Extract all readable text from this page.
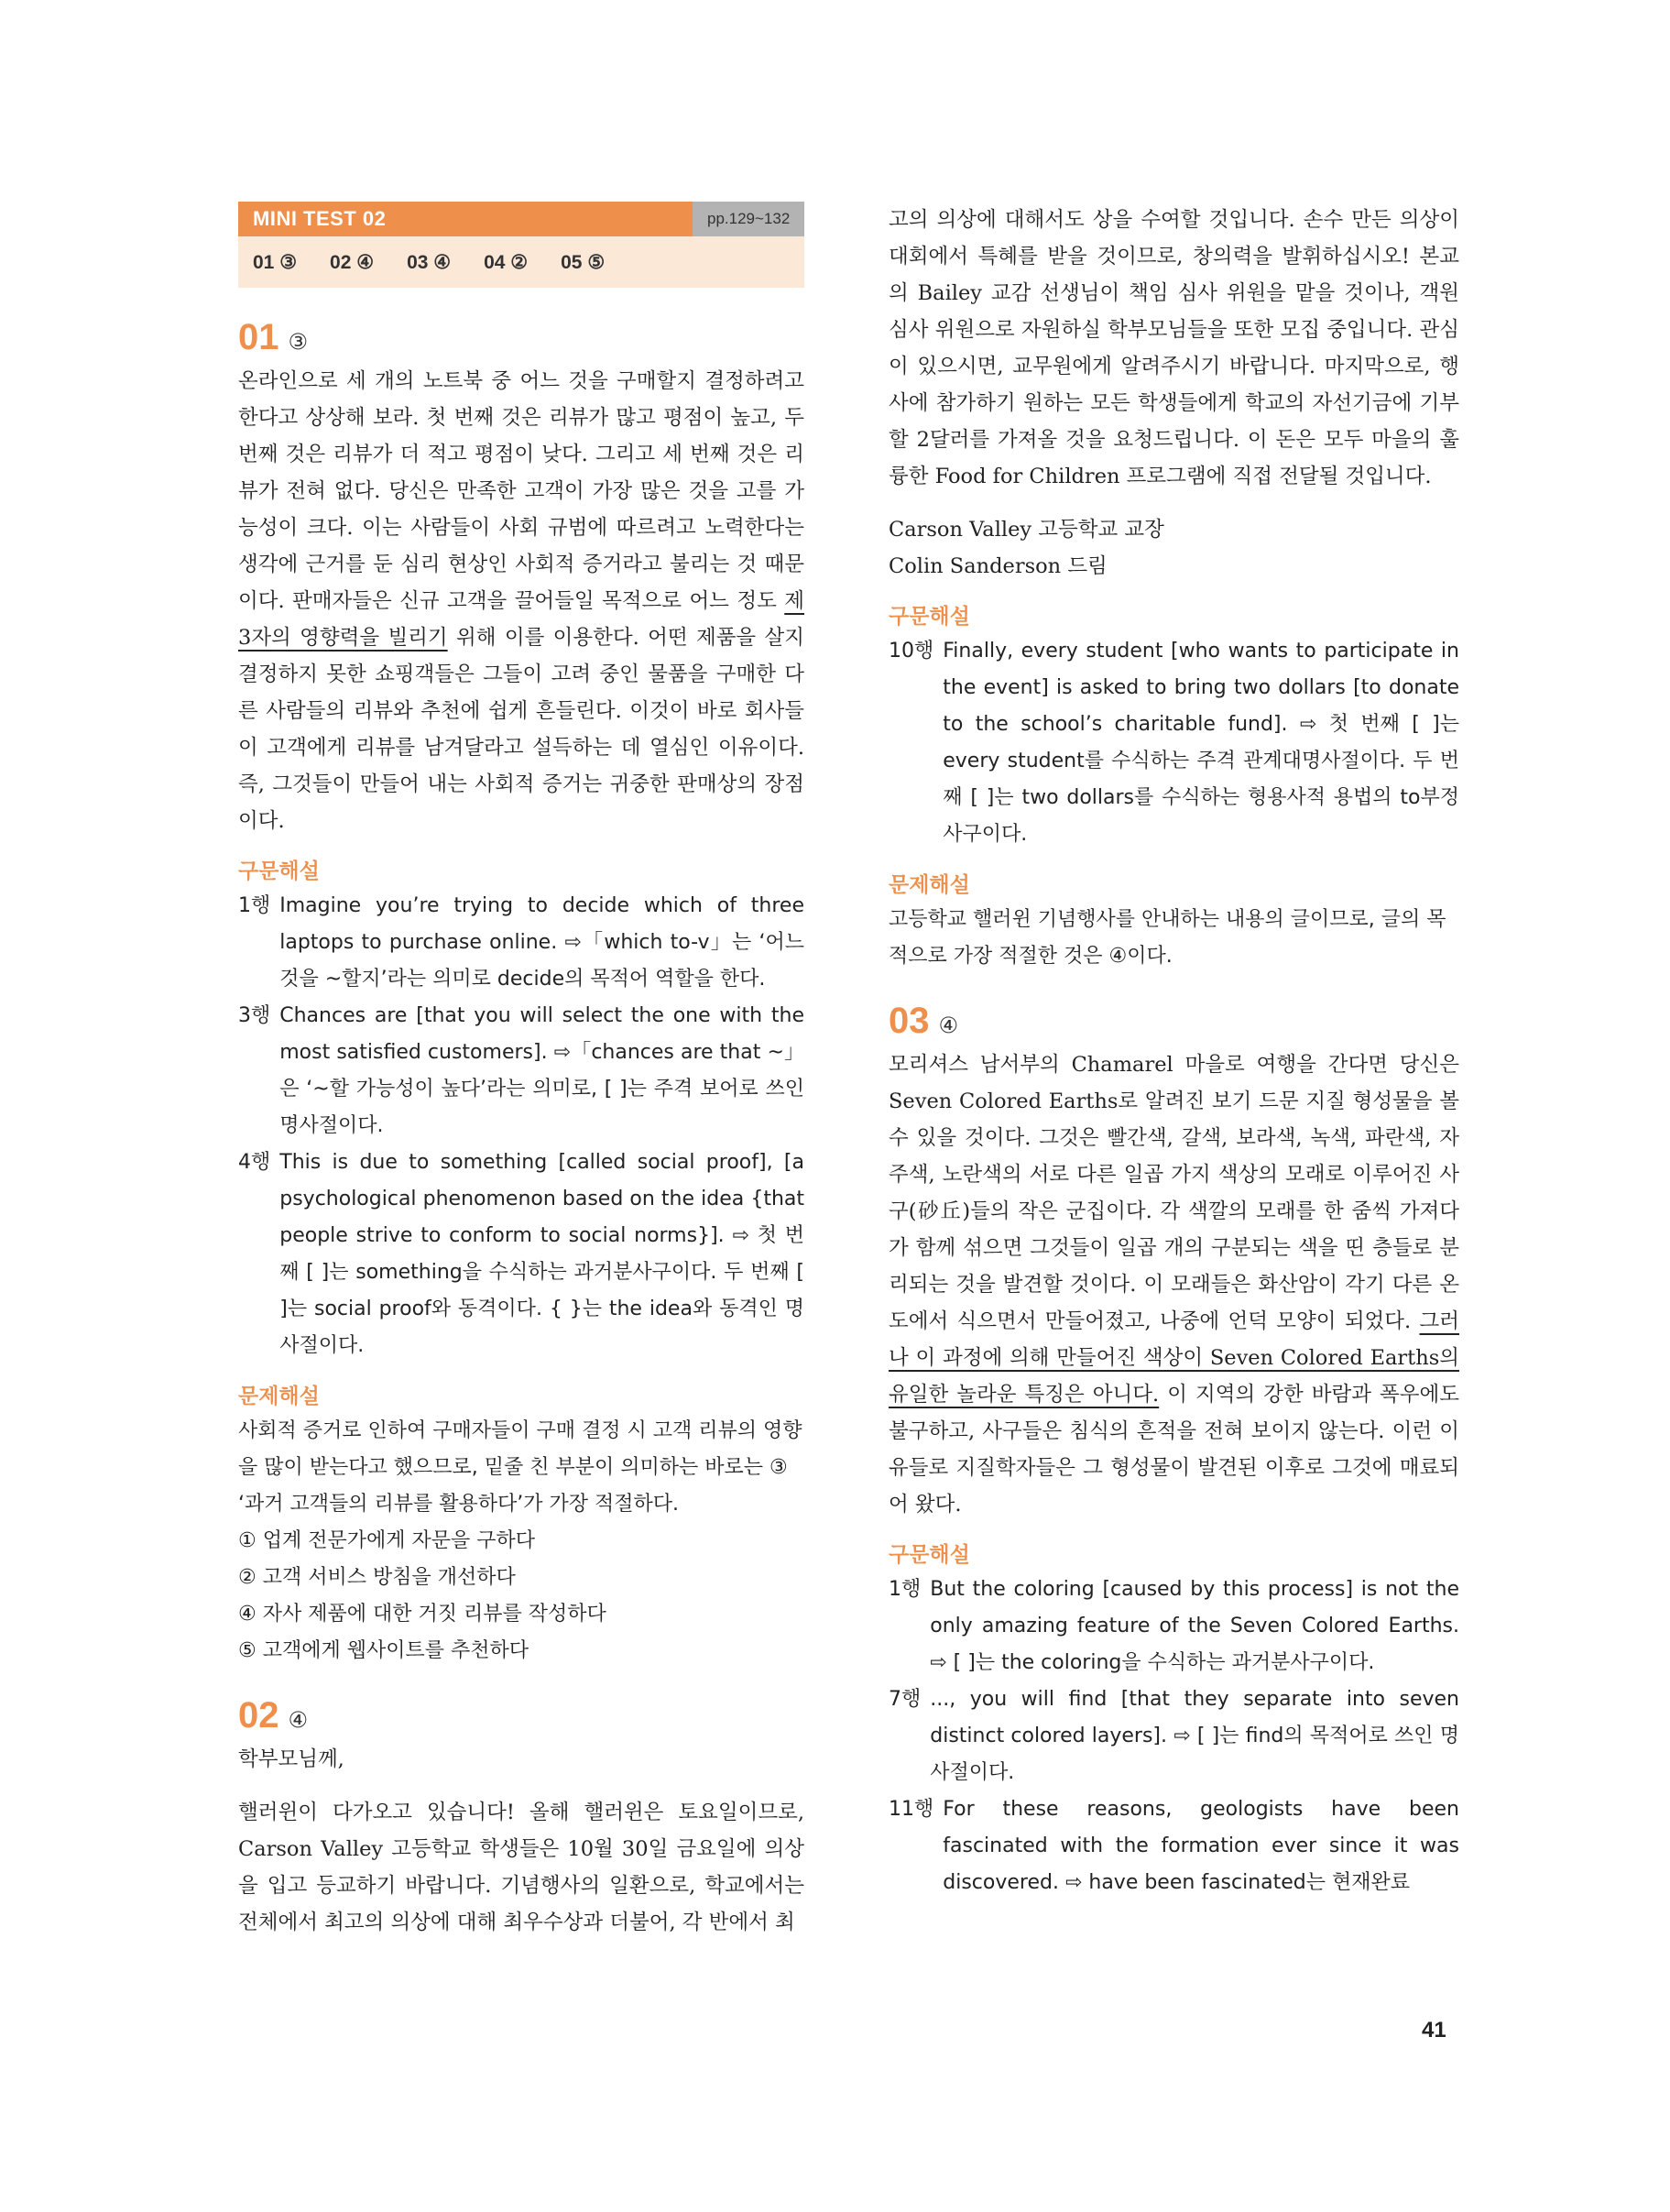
MINI TEST 02	pp.129~132
01 ③ 02 ④ 03 ④ 04 ② 05 ⑤
01 ③

온라인으로 세 개의 노트북 중 어느 것을 구매할지 결정하려고 한다고 상상해 보라. 첫 번째 것은 리뷰가 많고 평점이 높고, 두 번째 것은 리뷰가 더 적고 평점이 낮다. 그리고 세 번째 것은 리뷰가 전혀 없다. 당신은 만족한 고객이 가장 많은 것을 고를 가능성이 크다. 이는 사람들이 사회 규범에 따르려고 노력한다는 생각에 근거를 둔 심리 현상인 사회적 증거라고 불리는 것 때문이다. 판매자들은 신규 고객을 끌어들일 목적으로 어느 정도 제3자의 영향력을 빌리기 위해 이를 이용한다. 어떤 제품을 살지 결정하지 못한 쇼핑객들은 그들이 고려 중인 물품을 구매한 다른 사람들의 리뷰와 추천에 쉽게 흔들린다. 이것이 바로 회사들이 고객에게 리뷰를 남겨달라고 설득하는 데 열심인 이유이다. 즉, 그것들이 만들어 내는 사회적 증거는 귀중한 판매상의 장점이다.

구문해설
1행 Imagine you’re trying to decide which of three laptops to purchase online. ⇨「which to-v」는 ‘어느 것을 ~할지’라는 의미로 decide의 목적어 역할을 한다.
3행 Chances are [that you will select the one with the most satisfied customers]. ⇨「chances are that ~」은 ‘~할 가능성이 높다’라는 의미로, [ ]는 주격 보어로 쓰인 명사절이다.
4행 This is due to something [called social proof], [a psychological phenomenon based on the idea {that people strive to conform to social norms}]. ⇨ 첫 번째 [ ]는 something을 수식하는 과거분사구이다. 두 번째 [ ]는 social proof와 동격이다. { }는 the idea와 동격인 명사절이다.
문제해설

사회적 증거로 인하여 구매자들이 구매 결정 시 고객 리뷰의 영향을 많이 받는다고 했으므로, 밑줄 친 부분이 의미하는 바로는 ③ ‘과거 고객들의 리뷰를 활용하다’가 가장 적절하다.

① 업계 전문가에게 자문을 구하다

② 고객 서비스 방침을 개선하다

④ 자사 제품에 대한 거짓 리뷰를 작성하다

⑤ 고객에게 웹사이트를 추천하다

02 ④

학부모님께,

핼러윈이 다가오고 있습니다! 올해 핼러윈은 토요일이므로, Carson Valley 고등학교 학생들은 10월 30일 금요일에 의상을 입고 등교하기 바랍니다. 기념행사의 일환으로, 학교에서는 전체에서 최고의 의상에 대해 최우수상과 더불어, 각 반에서 최

고의 의상에 대해서도 상을 수여할 것입니다. 손수 만든 의상이 대회에서 특혜를 받을 것이므로, 창의력을 발휘하십시오! 본교의 Bailey 교감 선생님이 책임 심사 위원을 맡을 것이나, 객원 심사 위원으로 자원하실 학부모님들을 또한 모집 중입니다. 관심이 있으시면, 교무원에게 알려주시기 바랍니다. 마지막으로, 행사에 참가하기 원하는 모든 학생들에게 학교의 자선기금에 기부할 2달러를 가져올 것을 요청드립니다. 이 돈은 모두 마을의 훌륭한 Food for Children 프로그램에 직접 전달될 것입니다.

Carson Valley 고등학교 교장

Colin Sanderson 드림

구문해설
10행 Finally, every student [who wants to participate in the event] is asked to bring two dollars [to donate to the school’s charitable fund]. ⇨ 첫 번째 [ ]는 every student를 수식하는 주격 관계대명사절이다. 두 번째 [ ]는 two dollars를 수식하는 형용사적 용법의 to부정사구이다.
문제해설

고등학교 핼러윈 기념행사를 안내하는 내용의 글이므로, 글의 목적으로 가장 적절한 것은 ④이다.

03 ④

모리셔스 남서부의 Chamarel 마을로 여행을 간다면 당신은 Seven Colored Earths로 알려진 보기 드문 지질 형성물을 볼 수 있을 것이다. 그것은 빨간색, 갈색, 보라색, 녹색, 파란색, 자주색, 노란색의 서로 다른 일곱 가지 색상의 모래로 이루어진 사구(砂丘)들의 작은 군집이다. 각 색깔의 모래를 한 줌씩 가져다가 함께 섞으면 그것들이 일곱 개의 구분되는 색을 띤 층들로 분리되는 것을 발견할 것이다. 이 모래들은 화산암이 각기 다른 온도에서 식으면서 만들어졌고, 나중에 언덕 모양이 되었다. 그러나 이 과정에 의해 만들어진 색상이 Seven Colored Earths의 유일한 놀라운 특징은 아니다. 이 지역의 강한 바람과 폭우에도 불구하고, 사구들은 침식의 흔적을 전혀 보이지 않는다. 이런 이유들로 지질학자들은 그 형성물이 발견된 이후로 그것에 매료되어 왔다.

구문해설
1행 But the coloring [caused by this process] is not the only amazing feature of the Seven Colored Earths. ⇨ [ ]는 the coloring을 수식하는 과거분사구이다.
7행 ..., you will find [that they separate into seven distinct colored layers]. ⇨ [ ]는 find의 목적어로 쓰인 명사절이다.
11행 For these reasons, geologists have been fascinated with the formation ever since it was discovered. ⇨ have been fascinated는 현재완료
41
